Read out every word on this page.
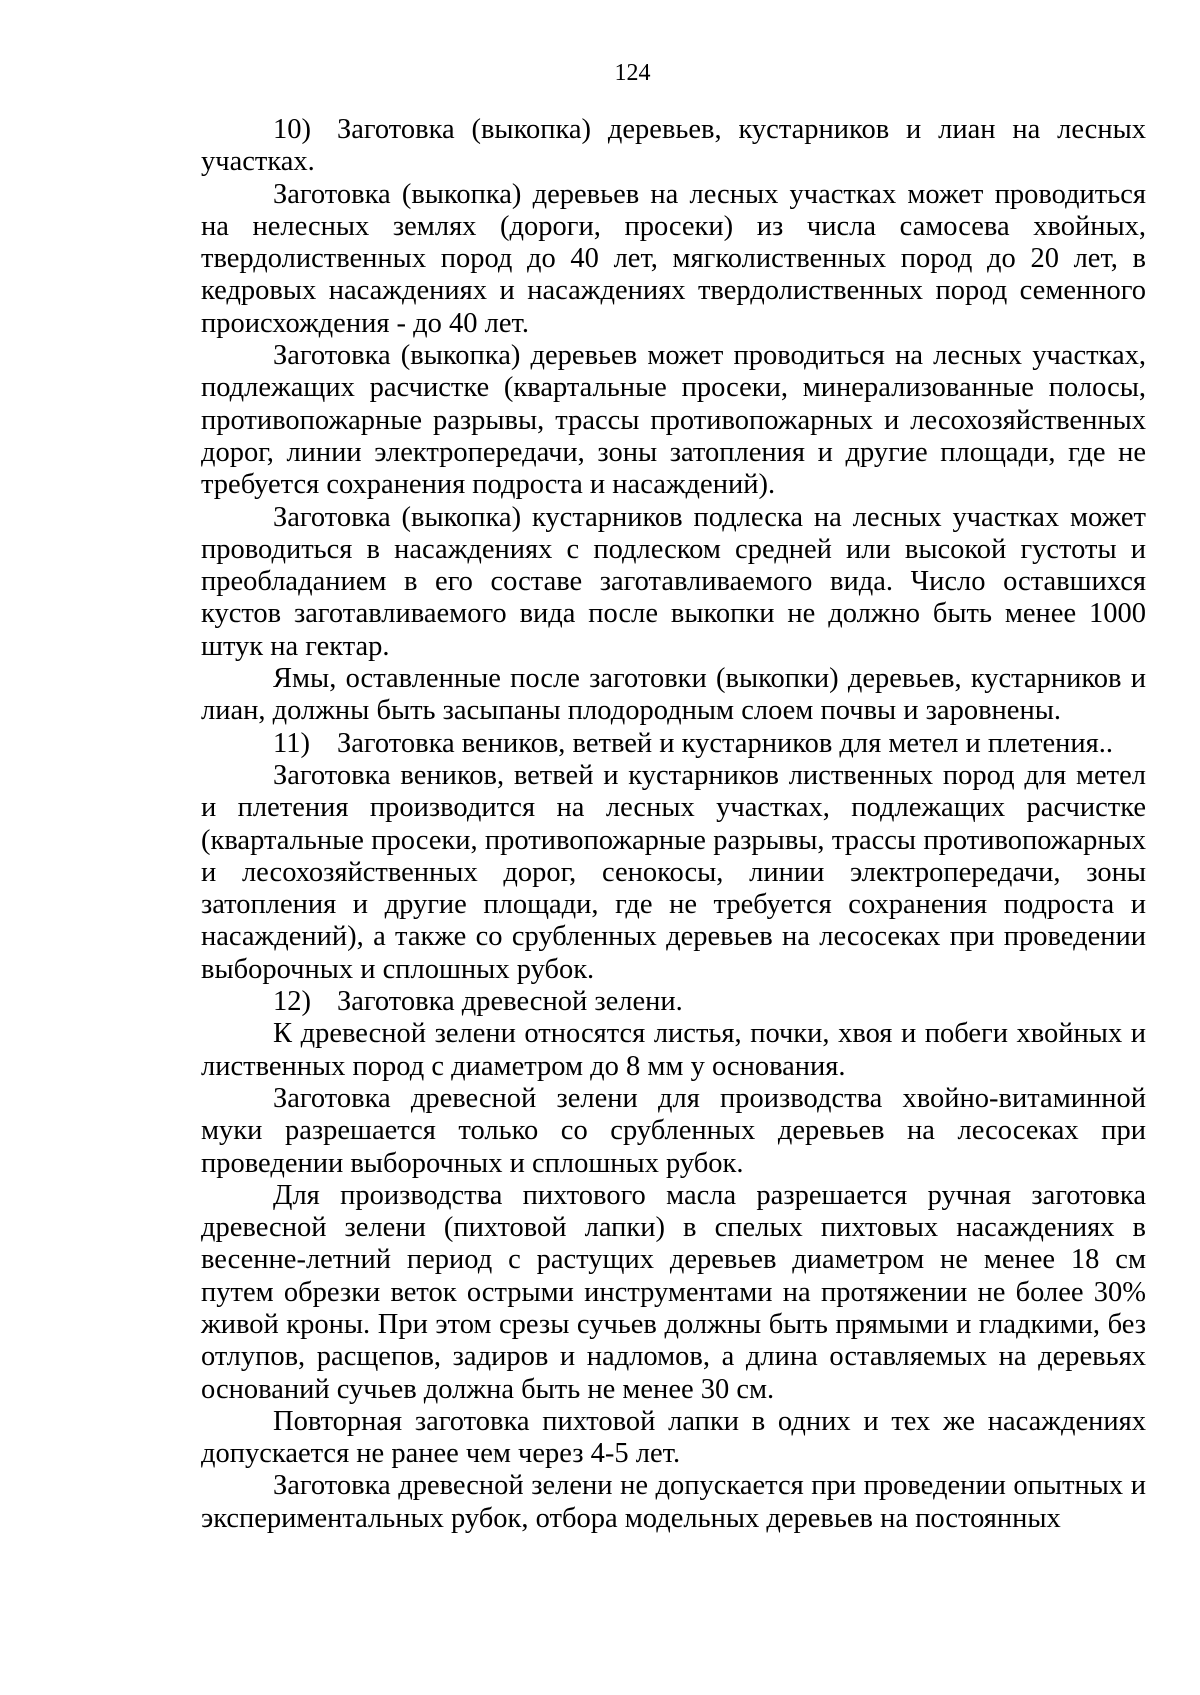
124

10) Заготовка (выкопка) деревьев, кустарников и лиан на лесных участках.

Заготовка (выкопка) деревьев на лесных участках может проводиться на нелесных землях (дороги, просеки) из числа самосева хвойных, твердолиственных пород до 40 лет, мягколиственных пород до 20 лет, в кедровых насаждениях и насаждениях твердолиственных пород семенного происхождения - до 40 лет.

Заготовка (выкопка) деревьев может проводиться на лесных участках, подлежащих расчистке (квартальные просеки, минерализованные полосы, противопожарные разрывы, трассы противопожарных и лесохозяйственных дорог, линии электропередачи, зоны затопления и другие площади, где не требуется сохранения подроста и насаждений).

Заготовка (выкопка) кустарников подлеска на лесных участках может проводиться в насаждениях с подлеском средней или высокой густоты и преобладанием в его составе заготавливаемого вида. Число оставшихся кустов заготавливаемого вида после выкопки не должно быть менее 1000 штук на гектар.

Ямы, оставленные после заготовки (выкопки) деревьев, кустарников и лиан, должны быть засыпаны плодородным слоем почвы и заровнены.

11) Заготовка веников, ветвей и кустарников для метел и плетения..

Заготовка веников, ветвей и кустарников лиственных пород для метел и плетения производится на лесных участках, подлежащих расчистке (квартальные просеки, противопожарные разрывы, трассы противопожарных и лесохозяйственных дорог, сенокосы, линии электропередачи, зоны затопления и другие площади, где не требуется сохранения подроста и насаждений), а также со срубленных деревьев на лесосеках при проведении выборочных и сплошных рубок.

12) Заготовка древесной зелени.

К древесной зелени относятся листья, почки, хвоя и побеги хвойных и лиственных пород с диаметром до 8 мм у основания.

Заготовка древесной зелени для производства хвойно-витаминной муки разрешается только со срубленных деревьев на лесосеках при проведении выборочных и сплошных рубок.

Для производства пихтового масла разрешается ручная заготовка древесной зелени (пихтовой лапки) в спелых пихтовых насаждениях в весенне-летний период с растущих деревьев диаметром не менее 18 см путем обрезки веток острыми инструментами на протяжении не более 30% живой кроны. При этом срезы сучьев должны быть прямыми и гладкими, без отлупов, расщепов, задиров и надломов, а длина оставляемых на деревьях оснований сучьев должна быть не менее 30 см.

Повторная заготовка пихтовой лапки в одних и тех же насаждениях допускается не ранее чем через 4-5 лет.

Заготовка древесной зелени не допускается при проведении опытных и экспериментальных рубок, отбора модельных деревьев на постоянных
